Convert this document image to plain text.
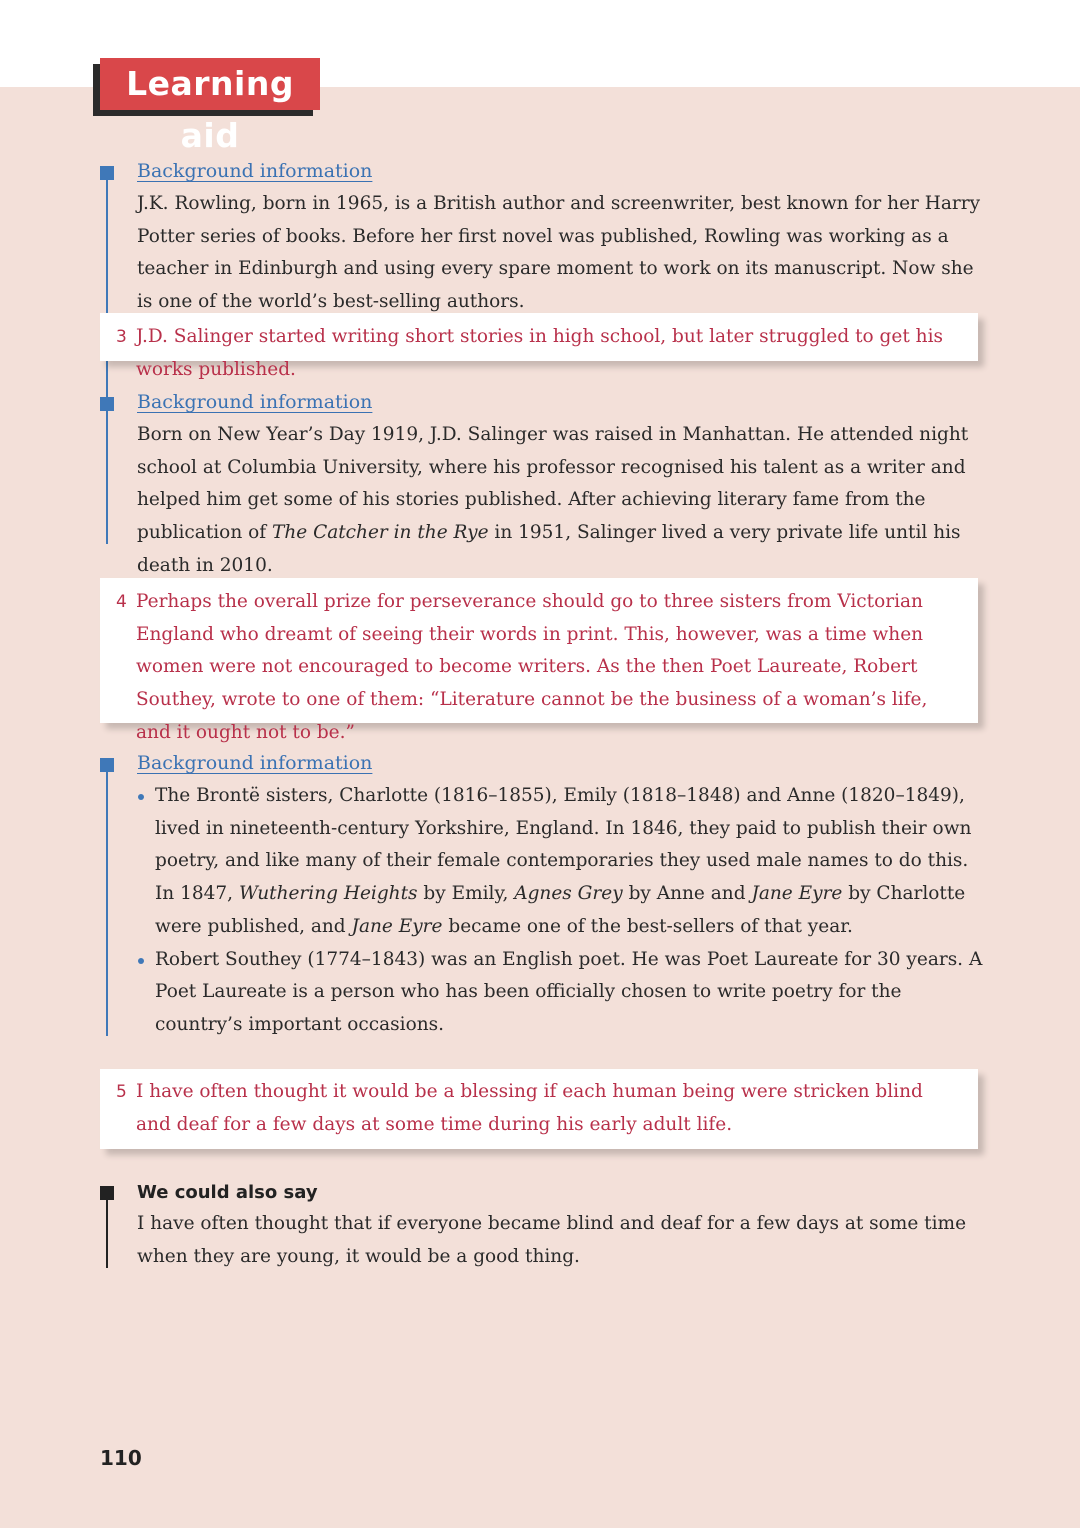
Learning aid
Background information

J.K. Rowling, born in 1965, is a British author and screenwriter, best known for her Harry Potter series of books. Before her first novel was published, Rowling was working as a teacher in Edinburgh and using every spare moment to work on its manuscript. Now she is one of the world’s best-selling authors.

3 J.D. Salinger started writing short stories in high school, but later struggled to get his works published.
Background information

Born on New Year’s Day 1919, J.D. Salinger was raised in Manhattan. He attended night school at Columbia University, where his professor recognised his talent as a writer and helped him get some of his stories published. After achieving literary fame from the publication of The Catcher in the Rye in 1951, Salinger lived a very private life until his death in 2010.

4 Perhaps the overall prize for perseverance should go to three sisters from Victorian England who dreamt of seeing their words in print. This, however, was a time when women were not encouraged to become writers. As the then Poet Laureate, Robert Southey, wrote to one of them: “Literature cannot be the business of a woman’s life, and it ought not to be.”
Background information
The Brontë sisters, Charlotte (1816–1855), Emily (1818–1848) and Anne (1820–1849), lived in nineteenth-century Yorkshire, England. In 1846, they paid to publish their own poetry, and like many of their female contemporaries they used male names to do this. In 1847, Wuthering Heights by Emily, Agnes Grey by Anne and Jane Eyre by Charlotte were published, and Jane Eyre became one of the best-sellers of that year.
Robert Southey (1774–1843) was an English poet. He was Poet Laureate for 30 years. A Poet Laureate is a person who has been officially chosen to write poetry for the country’s important occasions.
5 I have often thought it would be a blessing if each human being were stricken blind and deaf for a few days at some time during his early adult life.
We could also say

I have often thought that if everyone became blind and deaf for a few days at some time when they are young, it would be a good thing.

110
